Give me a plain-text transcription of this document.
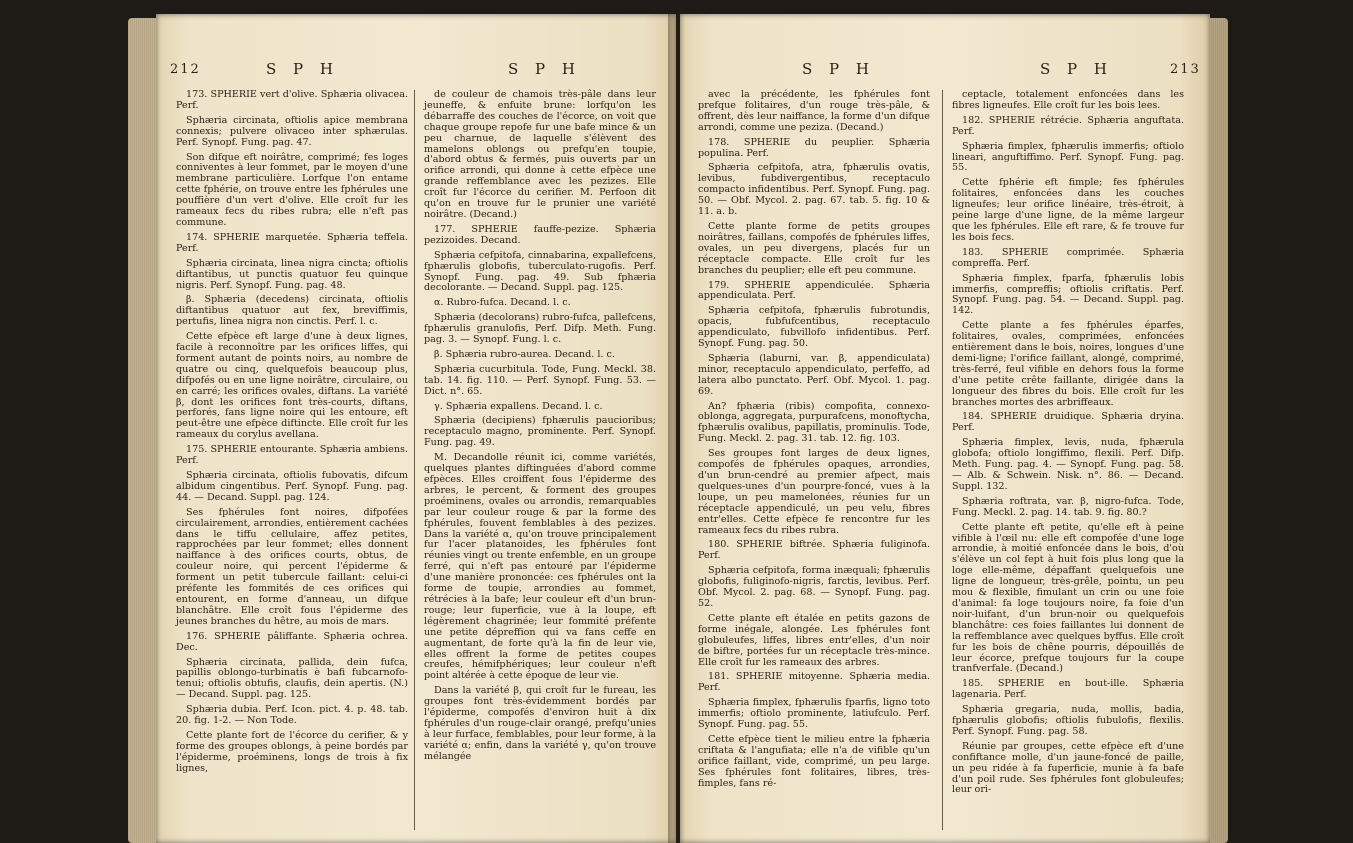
212	S P H	S P H

173. SPHERIE vert d'olive. Sphæria olivacea. Perf.

Sphæria circinata, oftiolis apice membrana connexis; pulvere olivaceo inter sphærulas. Perf. Synopf. Fung. pag. 47.

Son difque eft noirâtre, comprimé; fes loges conniventes à leur fommet, par le moyen d'une membrane particulière. Lorfque l'on entame cette fphérie, on trouve entre les fphérules une pouffière d'un vert d'olive. Elle croît fur les rameaux fecs du ribes rubra; elle n'eft pas commune.

174. SPHERIE marquetée. Sphæria teffela. Perf.

Sphæria circinata, linea nigra cincta; oftiolis diftantibus, ut punctis quatuor feu quinque nigris. Perf. Synopf. Fung. pag. 48.

β. Sphæria (decedens) circinata, oftiolis diftantibus quatuor aut fex, breviffimis, pertufis, linea nigra non cinctis. Perf. l. c.

Cette efpèce eft large d'une à deux lignes, facile à reconnoître par les orifices liffes, qui forment autant de points noirs, au nombre de quatre ou cinq, quelquefois beaucoup plus, difpofés ou en une ligne noirâtre, circulaire, ou en carré; les orifices ovales, diftans. La variété β, dont les orifices font très-courts, diftans, perforés, fans ligne noire qui les entoure, eft peut-être une efpèce diftincte. Elle croît fur les rameaux du corylus avellana.

175. SPHERIE entourante. Sphæria ambiens. Perf.

Sphæria circinata, oftiolis fubovatis, difcum albidum cingentibus. Perf. Synopf. Fung. pag. 44. — Decand. Suppl. pag. 124.

Ses fphérules font noires, difpofées circulairement, arrondies, entièrement cachées dans le tiffu cellulaire, affez petites, rapprochées par leur fommet; elles donnent naiffance à des orifices courts, obtus, de couleur noire, qui percent l'épiderme & forment un petit tubercule faillant: celui-ci préfente les fommités de ces orifices qui entourent, en forme d'anneau, un difque blanchâtre. Elle croît fous l'épiderme des jeunes branches du hêtre, au mois de mars.

176. SPHERIE pâliffante. Sphæria ochrea. Dec.

Sphæria circinata, pallida, dein fufca, papillis oblongo-turbinatis è bafi fubcarnofo-tenui; oftiolis obtufis, claufis, dein apertis. (N.) — Decand. Suppl. pag. 125.

Sphæria dubia. Perf. Icon. pict. 4. p. 48. tab. 20. fig. 1-2. — Non Tode.

Cette plante fort de l'écorce du cerifier, & y forme des groupes oblongs, à peine bordés par l'épiderme, proéminens, longs de trois à fix lignes,

de couleur de chamois très-pâle dans leur jeuneffe, & enfuite brune: lorfqu'on les débarraffe des couches de l'écorce, on voit que chaque groupe repofe fur une bafe mince & un peu charnue, de laquelle s'élèvent des mamelons oblongs ou prefqu'en toupie, d'abord obtus & fermés, puis ouverts par un orifice arrondi, qui donne à cette efpèce une grande reffemblance avec les pezizes. Elle croît fur l'écorce du cerifier. M. Perfoon dit qu'on en trouve fur le prunier une variété noirâtre. (Decand.)

177. SPHERIE fauffe-pezize. Sphæria pezizoides. Decand.

Sphæria cefpitofa, cinnabarina, expallefcens, fphærulis globofis, tuberculato-rugofis. Perf. Synopf. Fung. pag. 49. Sub fphæria decolorante. — Decand. Suppl. pag. 125.

α. Rubro-fufca. Decand. l. c.

Sphæria (decolorans) rubro-fufca, pallefcens, fphærulis granulofis, Perf. Difp. Meth. Fung. pag. 3. — Synopf. Fung. l. c.

β. Sphæria rubro-aurea. Decand. l. c.

Sphæria cucurbitula. Tode, Fung. Meckl. 38. tab. 14. fig. 110. — Perf. Synopf. Fung. 53. — Dict. n°. 65.

γ. Sphæria expallens. Decand. l. c.

Sphæria (decipiens) fphærulis paucioribus; receptaculo magno, prominente. Perf. Synopf. Fung. pag. 49.

M. Decandolle réunit ici, comme variétés, quelques plantes diftinguées d'abord comme efpèces. Elles croiffent fous l'épiderme des arbres, le percent, & forment des groupes proéminens, ovales ou arrondis, remarquables par leur couleur rouge & par la forme des fphérules, fouvent femblables à des pezizes. Dans la variété α, qu'on trouve principalement fur l'acer platanoides, les fphérules font réunies vingt ou trente enfemble, en un groupe ferré, qui n'eft pas entouré par l'épiderme d'une manière prononcée: ces fphérules ont la forme de toupie, arrondies au fommet, rétrécies à la bafe; leur couleur eft d'un brun-rouge; leur fuperficie, vue à la loupe, eft légèrement chagrinée; leur fommité préfente une petite dépreffion qui va fans ceffe en augmentant, de forte qu'à la fin de leur vie, elles offrent la forme de petites coupes creufes, hémifphériques; leur couleur n'eft point altérée à cette époque de leur vie.

Dans la variété β, qui croît fur le fureau, les groupes font très-évidemment bordés par l'épiderme, compofés d'environ huit à dix fphérules d'un rouge-clair orangé, prefqu'unies à leur furface, femblables, pour leur forme, à la variété α; enfin, dans la variété γ, qu'on trouve mélangée

S P H	S P H	213

avec la précédente, les fphérules font prefque folitaires, d'un rouge très-pâle, & offrent, dès leur naiffance, la forme d'un difque arrondi, comme une peziza. (Decand.)

178. SPHERIE du peuplier. Sphæria populina. Perf.

Sphæria cefpitofa, atra, fphærulis ovatis, levibus, fubdivergentibus, receptaculo compacto infidentibus. Perf. Synopf. Fung. pag. 50. — Obf. Mycol. 2. pag. 67. tab. 5. fig. 10 & 11. a. b.

Cette plante forme de petits groupes noirâtres, faillans, compofés de fphérules liffes, ovales, un peu divergens, placés fur un réceptacle compacte. Elle croît fur les branches du peuplier; elle eft peu commune.

179. SPHERIE appendiculée. Sphæria appendiculata. Perf.

Sphæria cefpitofa, fphærulis fubrotundis, opacis, fubfufcentibus, receptaculo appendiculato, fubvillofo infidentibus. Perf. Synopf. Fung. pag. 50.

Sphæria (laburni, var. β, appendiculata) minor, receptaculo appendiculato, perfeffo, ad latera albo punctato. Perf. Obf. Mycol. 1. pag. 69.

An? fphæria (ribis) compofita, connexo-oblonga, aggregata, purpurafcens, monoftycha, fphærulis ovalibus, papillatis, prominulis. Tode, Fung. Meckl. 2. pag. 31. tab. 12. fig. 103.

Ses groupes font larges de deux lignes, compofés de fphérules opaques, arrondies, d'un brun-cendré au premier afpect, mais quelques-unes d'un pourpre-foncé, vues à la loupe, un peu mamelonées, réunies fur un réceptacle appendiculé, un peu velu, fibres entr'elles. Cette efpèce fe rencontre fur les rameaux fecs du ribes rubra.

180. SPHERIE biftrée. Sphæria fuliginofa. Perf.

Sphæria cefpitofa, forma inæquali; fphærulis globofis, fuliginofo-nigris, farctis, levibus. Perf. Obf. Mycol. 2. pag. 68. — Synopf. Fung. pag. 52.

Cette plante eft étalée en petits gazons de forme inégale, alongée. Les fphérules font globuleufes, liffes, libres entr'elles, d'un noir de biftre, portées fur un réceptacle très-mince. Elle croît fur les rameaux des arbres.

181. SPHERIE mitoyenne. Sphæria media. Perf.

Sphæria fimplex, fphærulis fparfis, ligno toto immerfis; oftiolo prominente, latiufculo. Perf. Synopf. Fung. pag. 55.

Cette efpèce tient le milieu entre la fphæria criftata & l'angufiata; elle n'a de vifible qu'un orifice faillant, vide, comprimé, un peu large. Ses fphérules font folitaires, libres, très-fimples, fans ré-

ceptacle, totalement enfoncées dans les fibres ligneufes. Elle croît fur les bois lees.

182. SPHERIE rétrécie. Sphæria anguftata. Perf.

Sphæria fimplex, fphærulis immerfis; oftiolo lineari, anguftiffimo. Perf. Synopf. Fung. pag. 55.

Cette fphérie eft fimple; fes fphérules folitaires, enfoncées dans les couches ligneufes; leur orifice linéaire, très-étroit, à peine large d'une ligne, de la même largeur que les fphérules. Elle eft rare, & fe trouve fur les bois fecs.

183. SPHERIE comprimée. Sphæria compreffa. Perf.

Sphæria fimplex, fparfa, fphærulis lobis immerfis, compreffis; oftiolis criftatis. Perf. Synopf. Fung. pag. 54. — Decand. Suppl. pag. 142.

Cette plante a fes fphérules éparfes, folitaires, ovales, comprimées, enfoncées entièrement dans le bois, noires, longues d'une demi-ligne; l'orifice faillant, alongé, comprimé, très-ferré, feul vifible en dehors fous la forme d'une petite crête faillante, dirigée dans la longueur des fibres du bois. Elle croît fur les branches mortes des arbriffeaux.

184. SPHERIE druidique. Sphæria dryina. Perf.

Sphæria fimplex, levis, nuda, fphærula globofa; oftiolo longiffimo, flexili. Perf. Difp. Meth. Fung. pag. 4. — Synopf. Fung. pag. 58. — Alb. & Schwein. Nisk. n°. 86. — Decand. Suppl. 132.

Sphæria roftrata, var. β, nigro-fufca. Tode, Fung. Meckl. 2. pag. 14. tab. 9. fig. 80.?

Cette plante eft petite, qu'elle eft à peine vifible à l'œil nu: elle eft compofée d'une loge arrondie, à moitié enfoncée dans le bois, d'où s'élève un col fept à huit fois plus long que la loge elle-même, dépaffant quelquefois une ligne de longueur, très-grêle, pointu, un peu mou & flexible, fimulant un crin ou une foie d'animal: fa loge toujours noire, fa foie d'un noir-luifant, d'un brun-noir ou quelquefois blanchâtre: ces foies faillantes lui donnent de la reffemblance avec quelques byffus. Elle croît fur les bois de chêne pourris, dépouillés de leur écorce, prefque toujours fur la coupe tranfverfale. (Decand.)

185. SPHERIE en bout-ille. Sphæria lagenaria. Perf.

Sphæria gregaria, nuda, mollis, badia, fphærulis globofis; oftiolis fubulofis, flexilis. Perf. Synopf. Fung. pag. 58.

Réunie par groupes, cette efpèce eft d'une confiftance molle, d'un jaune-foncé de paille, un peu ridée à fa fuperficie, munie à fa bafe d'un poil rude. Ses fphérules font globuleufes; leur ori-
